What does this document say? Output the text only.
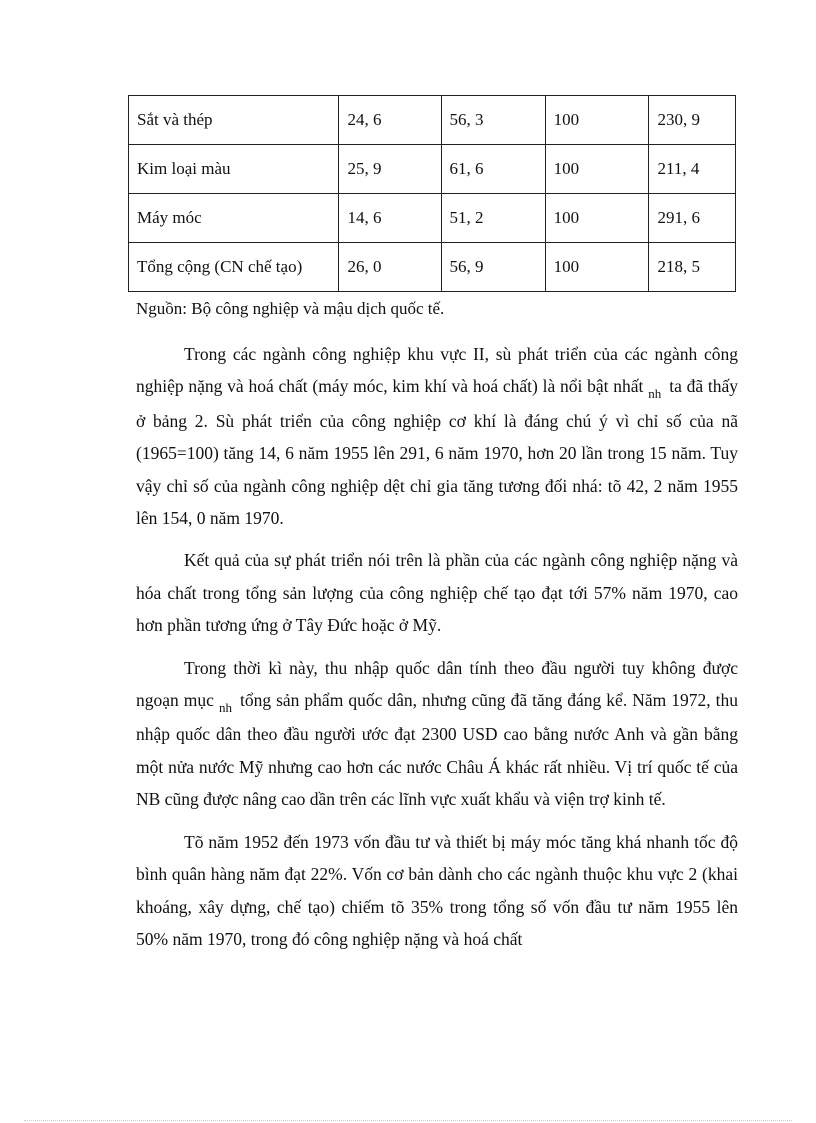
Sắt và thép	24, 6	56, 3	100	230, 9
Kim loại màu	25, 9	61, 6	100	211, 4
Máy móc	14, 6	51, 2	100	291, 6
Tổng cộng (CN chế tạo)	26, 0	56, 9	100	218, 5
Nguồn: Bộ công nghiệp và mậu dịch quốc tế.

Trong các ngành công nghiệp khu vực II, sù phát triển của các ngành công nghiệp nặng và hoá chất (máy móc, kim khí và hoá chất) là nổi bật nhất $_{nh}$ ta đã thấy ở bảng 2. Sù phát triển của công nghiệp cơ khí là đáng chú ý vì chỉ số của nã (1965=100) tăng 14, 6 năm 1955 lên 291, 6 năm 1970, hơn 20 lần trong 15 năm. Tuy vậy chỉ số của ngành công nghiệp dệt chỉ gia tăng tương đối nhá: tõ 42, 2 năm 1955 lên 154, 0 năm 1970.

Kết quả của sự phát triển nói trên là phần của các ngành công nghiệp nặng và hóa chất trong tổng sản lượng của công nghiệp chế tạo đạt tới 57% năm 1970, cao hơn phần tương ứng ở Tây Đức hoặc ở Mỹ.

Trong thời kì này, thu nhập quốc dân tính theo đầu người tuy không được ngoạn mục $_{nh}$ tổng sản phẩm quốc dân, nhưng cũng đã tăng đáng kể. Năm 1972, thu nhập quốc dân theo đầu người ước đạt 2300 USD cao bằng nước Anh và gần bằng một nửa nước Mỹ nhưng cao hơn các nước Châu Á khác rất nhiều. Vị trí quốc tế của NB cũng được nâng cao dần trên các lĩnh vực xuất khẩu và viện trợ kinh tế.

Tõ năm 1952 đến 1973 vốn đầu tư và thiết bị máy móc tăng khá nhanh tốc độ bình quân hàng năm đạt 22%. Vốn cơ bản dành cho các ngành thuộc khu vực 2 (khai khoáng, xây dựng, chế tạo) chiếm tõ 35% trong tổng số vốn đầu tư năm 1955 lên 50% năm 1970, trong đó công nghiệp nặng và hoá chất
